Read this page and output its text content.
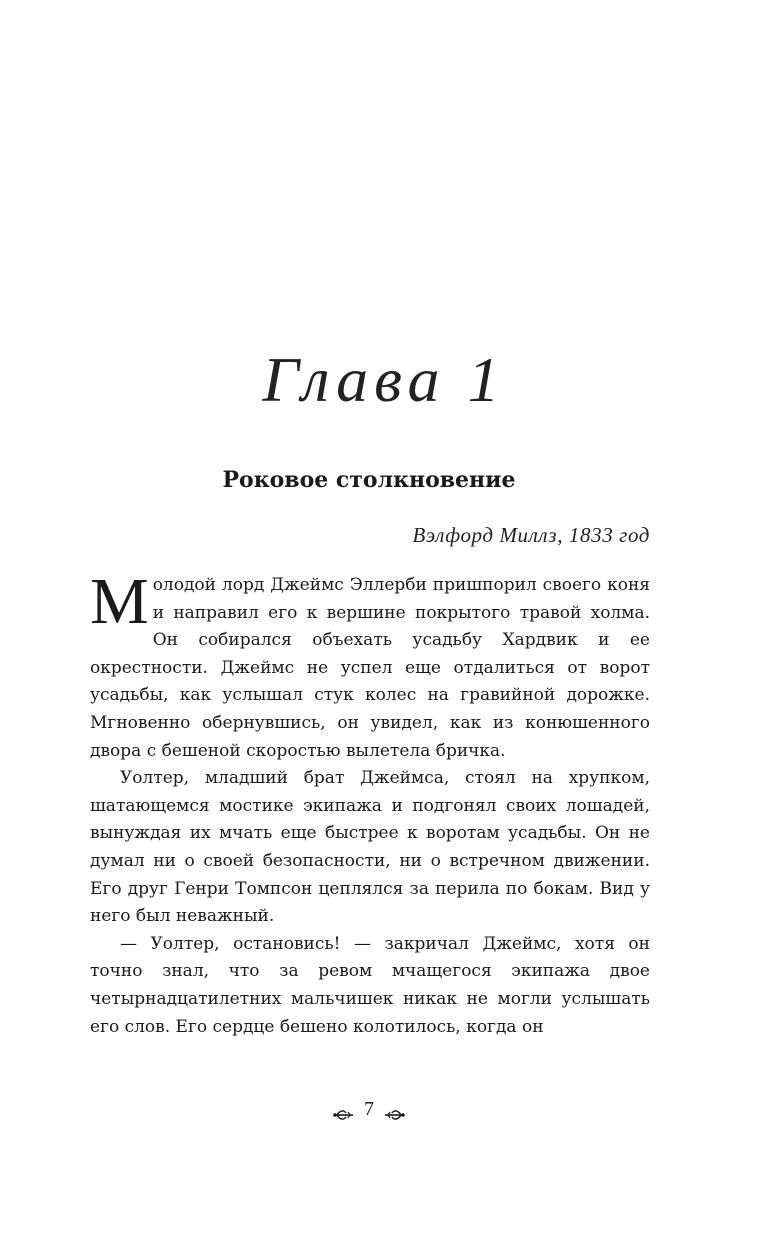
Глава 1
Роковое столкновение
Вэлфорд Миллз, 1833 год

Молодой лорд Джеймс Эллерби пришпорил своего коня и направил его к вершине покрытого травой холма. Он собирался объехать усадьбу Хардвик и ее окрестности. Джеймс не успел еще отдалиться от ворот усадьбы, как услышал стук колес на гравийной дорожке. Мгновенно обернувшись, он увидел, как из конюшенного двора с бешеной скоростью вылетела бричка.

Уолтер, младший брат Джеймса, стоял на хрупком, шатающемся мостике экипажа и подгонял своих лошадей, вынуждая их мчать еще быстрее к воротам усадьбы. Он не думал ни о своей безопасности, ни о встречном движении. Его друг Генри Томпсон цеплялся за перила по бокам. Вид у него был неважный.

— Уолтер, остановись! — закричал Джеймс, хотя он точно знал, что за ревом мчащегося экипажа двое четырнадцатилетних мальчишек никак не могли услышать его слов. Его сердце бешено колотилось, когда он

7
